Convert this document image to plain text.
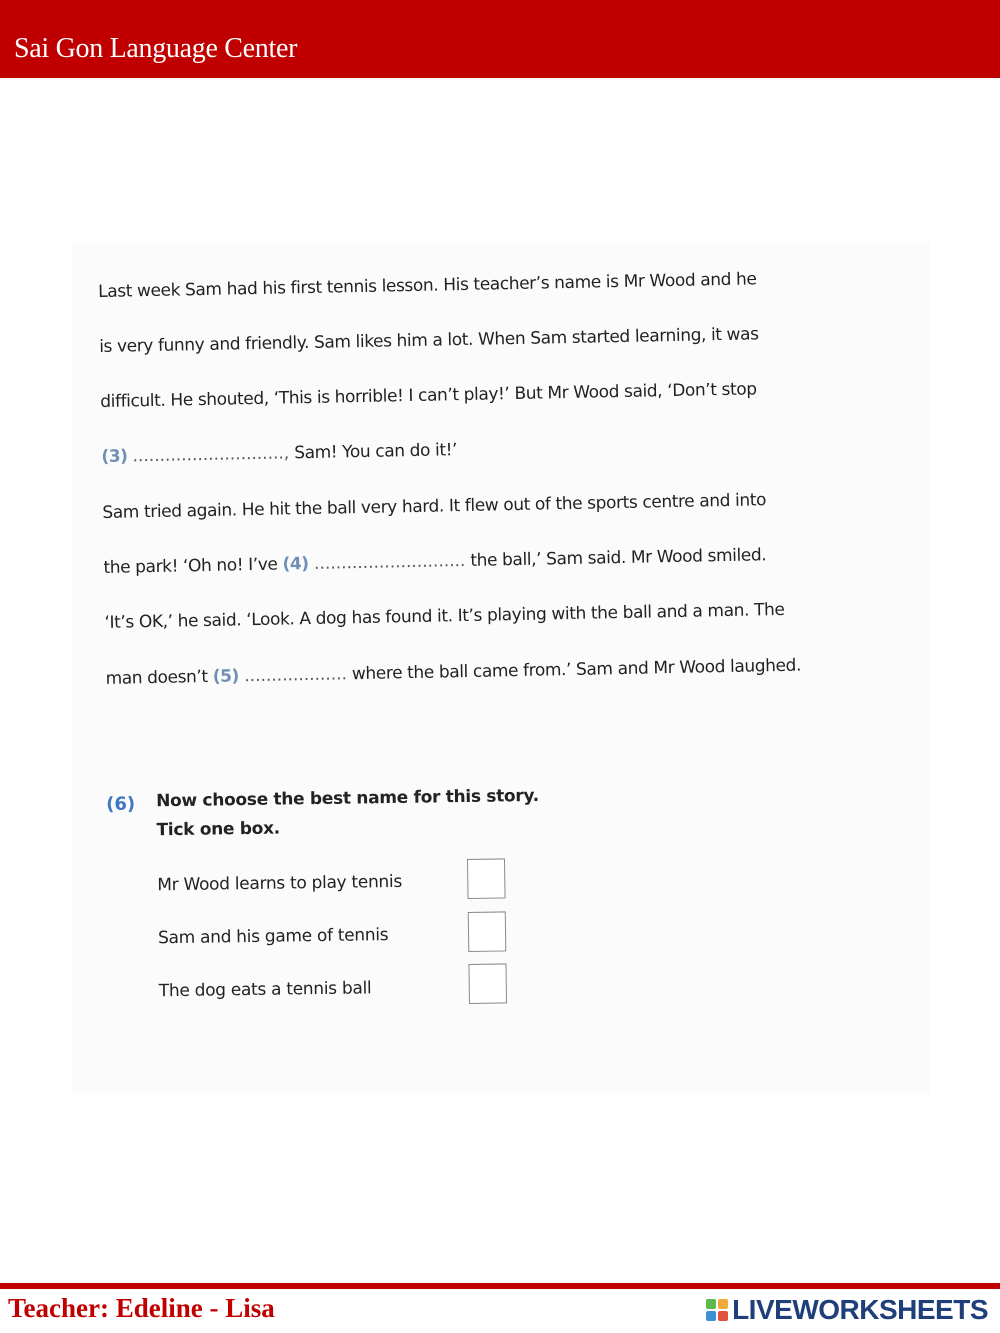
Sai Gon Language Center
Last week Sam had his first tennis lesson. His teacher’s name is Mr Wood and he
is very funny and friendly. Sam likes him a lot. When Sam started learning, it was
difficult. He shouted, ‘This is horrible! I can’t play!’ But Mr Wood said, ‘Don’t stop
(3) ............................, Sam! You can do it!’
Sam tried again. He hit the ball very hard. It flew out of the sports centre and into
the park! ‘Oh no! I’ve (4) ............................ the ball,’ Sam said. Mr Wood smiled.
‘It’s OK,’ he said. ‘Look. A dog has found it. It’s playing with the ball and a man. The
man doesn’t (5) ................... where the ball came from.’ Sam and Mr Wood laughed.
(6) Now choose the best name for this story.
Tick one box.
Mr Wood learns to play tennis
Sam and his game of tennis
The dog eats a tennis ball
Teacher: Edeline - Lisa	LIVEWORKSHEETS
